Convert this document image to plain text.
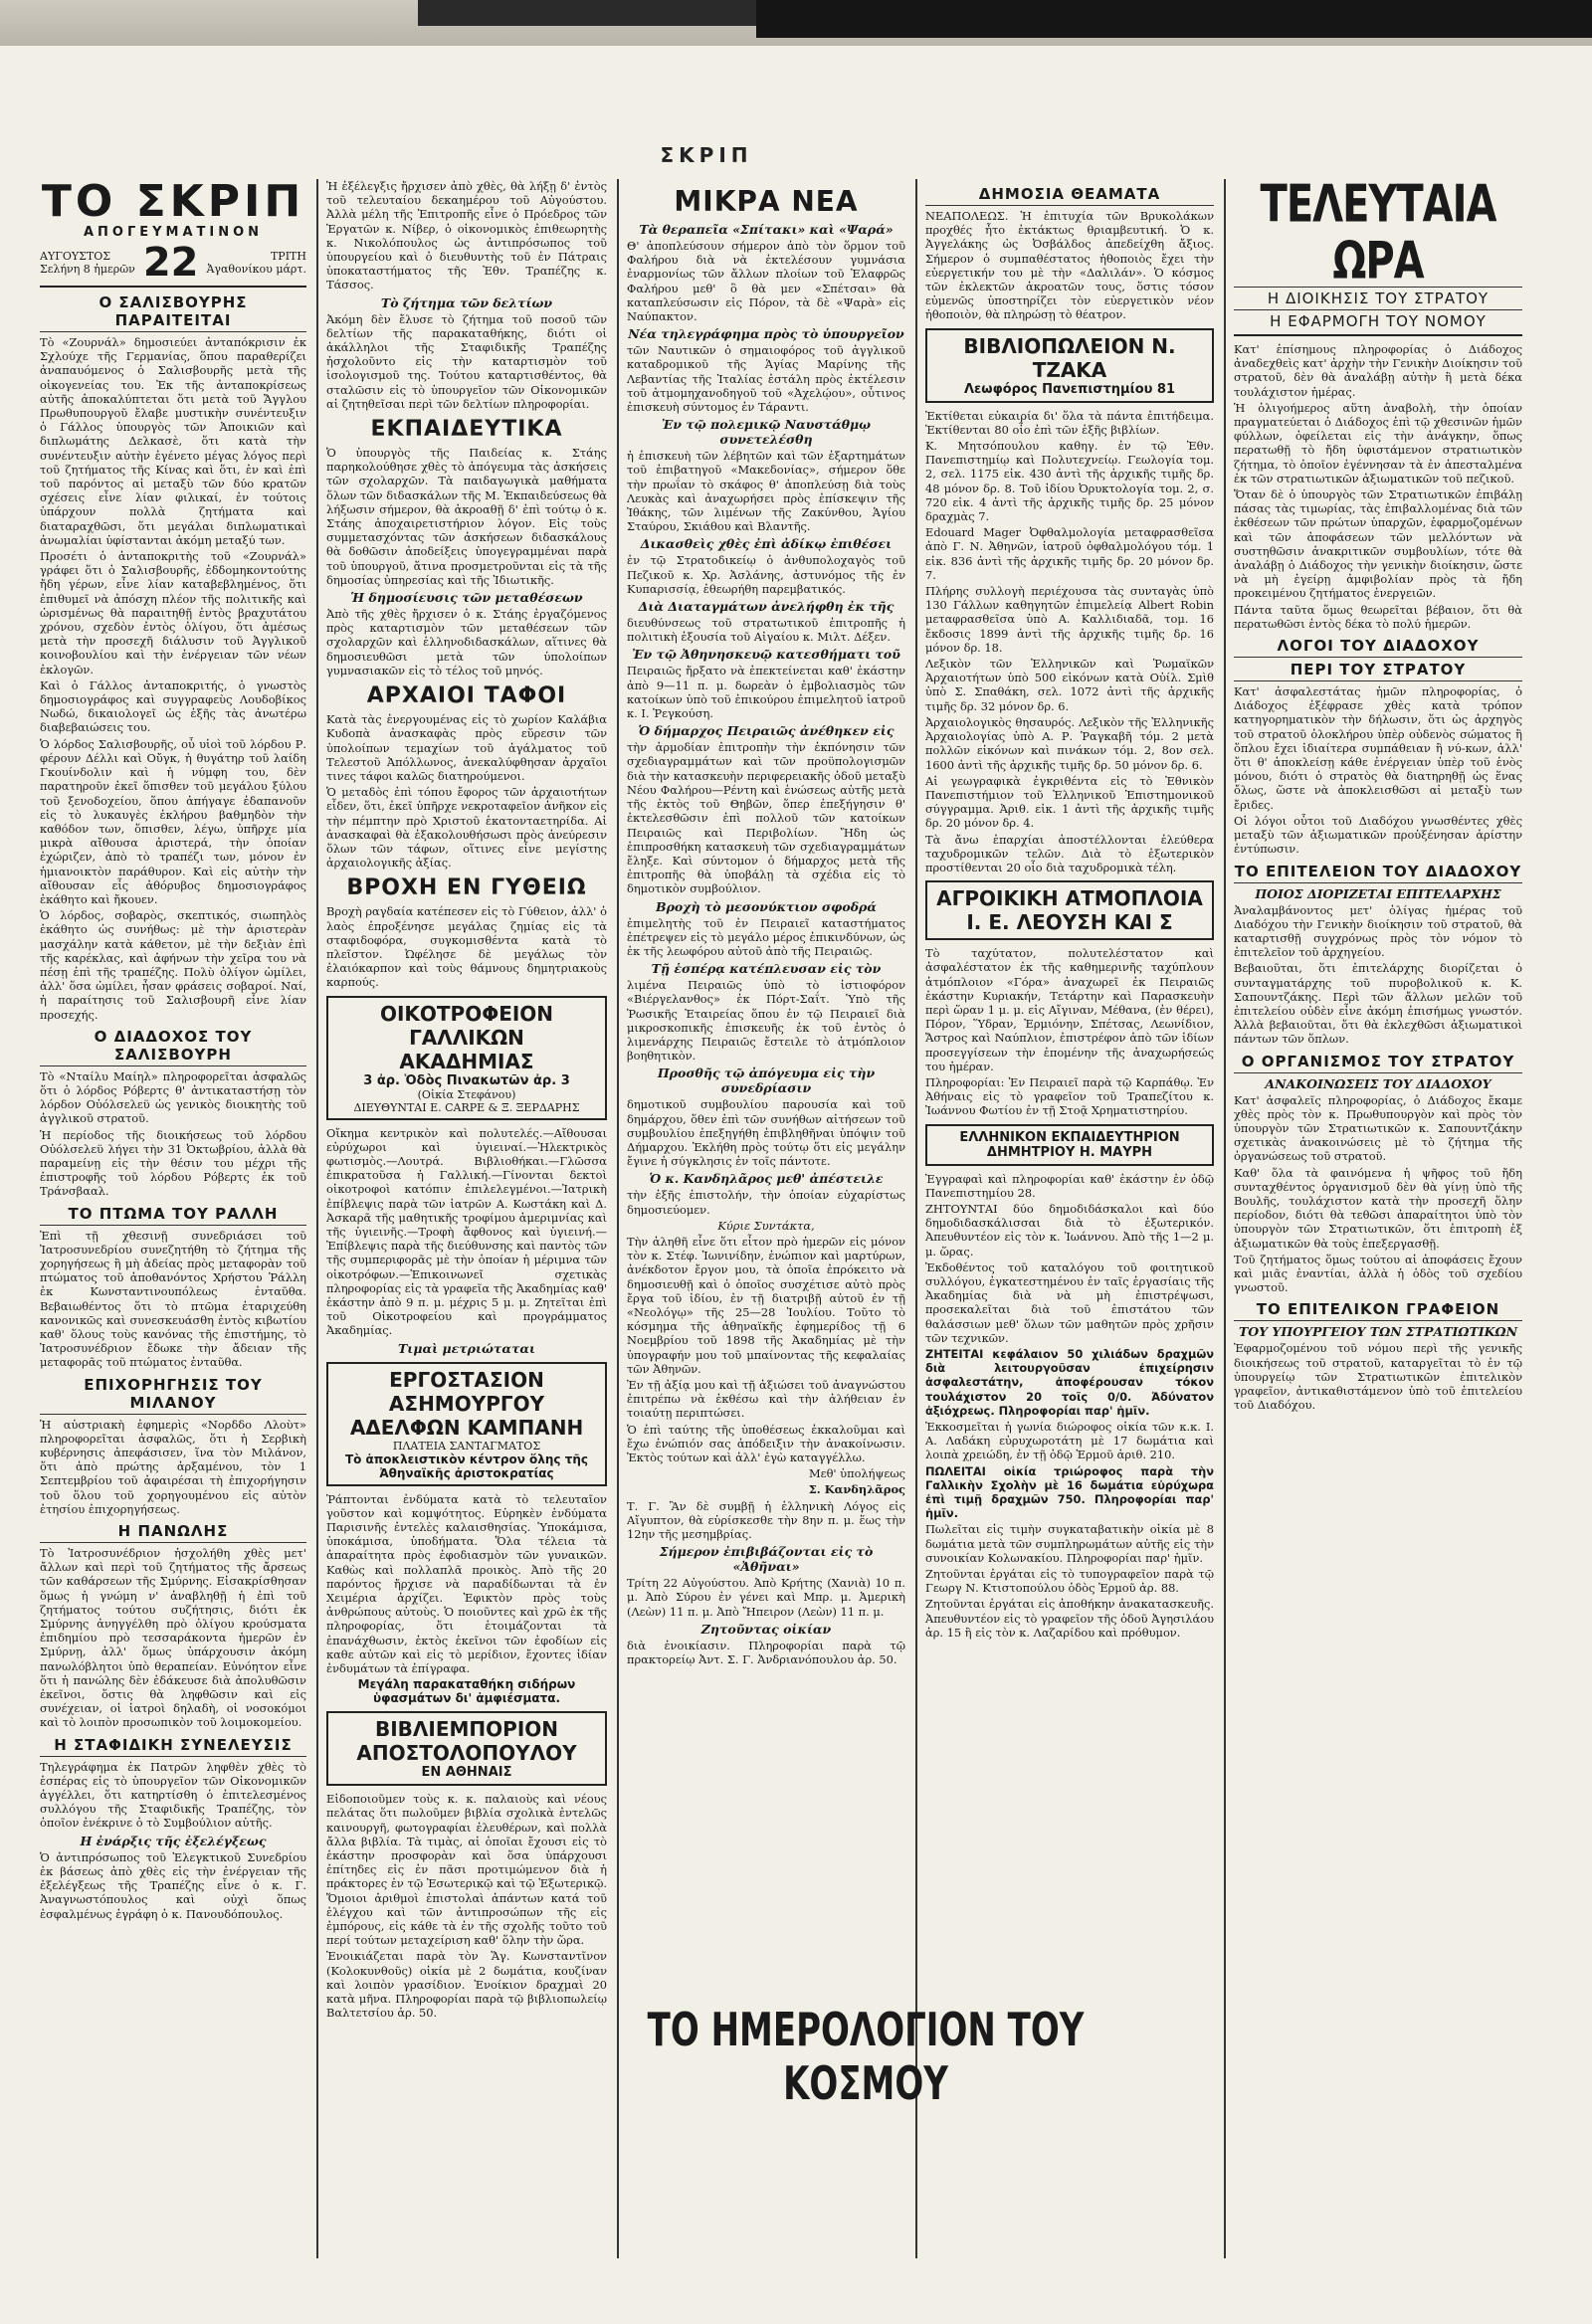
ΣΚΡΙΠ
ΤΟ ΣΚΡΙΠ
ΑΠΟΓΕΥΜΑΤΙΝΟΝ
ΑΥΓΟΥΣΤΟΣ
Σελήνη 8 ἡμερῶν 22	ΤΡΙΤΗ
Ἀγαθονίκου μάρτ.
Ο ΣΑΛΙΣΒΟΥΡΗΣ ΠΑΡΑΙΤΕΙΤΑΙ

Τὸ «Ζουρνάλ» δημοσιεύει ἀνταπόκρισιν ἐκ Σχλούχε τῆς Γερμανίας, ὅπου παραθερίζει ἀναπαυόμενος ὁ Σαλισβουρῆς μετὰ τῆς οἰκογενείας του. Ἐκ τῆς ἀνταποκρίσεως αὐτῆς ἀποκαλύπτεται ὅτι μετὰ τοῦ Ἄγγλου Πρωθυπουργοῦ ἔλαβε μυστικὴν συνέντευξιν ὁ Γάλλος ὑπουργὸς τῶν Ἀποικιῶν καὶ διπλωμάτης Δελκασὲ, ὅτι κατὰ τὴν συνέντευξιν αὐτὴν ἐγένετο μέγας λόγος περὶ τοῦ ζητήματος τῆς Κίνας καὶ ὅτι, ἐν καὶ ἐπὶ τοῦ παρόντος αἱ μεταξὺ τῶν δύο κρατῶν σχέσεις εἶνε λίαν φιλικαί, ἐν τούτοις ὑπάρχουν πολλὰ ζητήματα καὶ διαταραχθῶσι, ὅτι μεγάλαι διπλωματικαὶ ἀνωμαλίαι ὑφίστανται ἀκόμη μεταξύ των.

Προσέτι ὁ ἀνταποκριτὴς τοῦ «Ζουρνάλ» γράφει ὅτι ὁ Σαλισβουρῆς, ἐδδομηκοντούτης ἤδη γέρων, εἶνε λίαν καταβεβλημένος, ὅτι ἐπιθυμεῖ νὰ ἀπόσχη πλέον τῆς πολιτικῆς καὶ ὡρισμένως θὰ παραιτηθῇ ἐντὸς βραχυτάτου χρόνου, σχεδὸν ἐντὸς ὀλίγου, ὅτι ἀμέσως μετὰ τὴν προσεχῆ διάλυσιν τοῦ Ἀγγλικοῦ κοινοβουλίου καὶ τὴν ἐνέργειαν τῶν νέων ἐκλογῶν.

Καὶ ὁ Γάλλος ἀνταποκριτής, ὁ γνωστὸς δημοσιογράφος καὶ συγγραφεὺς Λουδοβίκος Νωδώ, δικαιολογεῖ ὡς ἑξῆς τὰς ἀνωτέρω διαβεβαιώσεις του.

Ὁ λόρδος Σαλισβουρῆς, οὗ υἱοὶ τοῦ λόρδου Ρ. φέρουν Δέλλι καὶ Οὔγκ, ἡ θυγάτηρ τοῦ λαίδη Γκουίνδολιν καὶ ἡ νύμφη του, δὲν παρατηροῦν ἐκεῖ ὅπισθεν τοῦ μεγάλου ξύλου τοῦ ξενοδοχείου, ὅπου ἀπήγαγε ἐδαπανοῦν εἰς τὸ λυκαυγὲς ἐκλήρου βαθμηδὸν τὴν καθόδον των, ὅπισθεν, λέγω, ὑπῆρχε μία μικρὰ αἴθουσα ἀριστερά, τὴν ὁποίαν ἐχώριζεν, ἀπὸ τὸ τραπέζι των, μόνον ἐν ἡμιανοικτὸν παράθυρον. Καὶ εἰς αὐτὴν τὴν αἴθουσαν εἶς ἀθόρυβος δημοσιογράφος ἐκάθητο καὶ ἤκουεν.

Ὁ λόρδος, σοβαρὸς, σκεπτικός, σιωπηλὸς ἐκάθητο ὡς συνήθως: μὲ τὴν ἀριστερὰν μασχάλην κατὰ κάθετον, μὲ τὴν δεξιὰν ἐπὶ τῆς καρέκλας, καὶ ἀφήνων τὴν χεῖρα του νὰ πέσῃ ἐπὶ τῆς τραπέζης. Πολὺ ὀλίγον ὡμίλει, ἀλλ' ὅσα ὡμίλει, ἦσαν φράσεις σοβαροί. Ναί, ἡ παραίτησις τοῦ Σαλισβουρῆ εἶνε λίαν προσεχής.

Ο ΔΙΑΔΟΧΟΣ ΤΟΥ ΣΑΛΙΣΒΟΥΡΗ

Τὸ «Νταίλυ Μαίηλ» πληροφορεῖται ἀσφαλῶς ὅτι ὁ λόρδος Ρόβερτς θ' ἀντικαταστήσῃ τὸν λόρδον Οὐόλσελεϋ ὡς γενικὸς διοικητὴς τοῦ ἀγγλικοῦ στρατοῦ.

Ἡ περίοδος τῆς διοικήσεως τοῦ λόρδου Οὐόλσελεϋ λήγει τὴν 31 Ὀκτωβρίου, ἀλλὰ θὰ παραμείνῃ εἰς τὴν θέσιν του μέχρι τῆς ἐπιστροφῆς τοῦ λόρδου Ρόβερτς ἐκ τοῦ Τράνσβααλ.

ΤΟ ΠΤΩΜΑ ΤΟΥ ΡΑΛΛΗ

Ἐπὶ τῇ χθεσινῇ συνεδριάσει τοῦ Ἰατροσυνεδρίου συνεζητήθη τὸ ζήτημα τῆς χορηγήσεως ἢ μὴ ἀδείας πρὸς μεταφορὰν τοῦ πτώματος τοῦ ἀποθανόντος Χρήστου Ῥάλλη ἐκ Κωνσταντινουπόλεως ἐνταῦθα. Βεβαιωθέντος ὅτι τὸ πτῶμα ἐταριχεύθη κανονικῶς καὶ συνεσκευάσθη ἐντὸς κιβωτίου καθ' ὅλους τοὺς κανόνας τῆς ἐπιστήμης, τὸ Ἰατροσυνέδριον ἔδωκε τὴν ἄδειαν τῆς μεταφορᾶς τοῦ πτώματος ἐνταῦθα.

ΕΠΙΧΟΡΗΓΗΣΙΣ ΤΟΥ ΜΙΛΑΝΟΥ

Ἡ αὐστριακὴ ἐφημερὶς «Νορδδο Λλοὺτ» πληροφορεῖται ἀσφαλῶς, ὅτι ἡ Σερβικὴ κυβέρνησις ἀπεφάσισεν, ἵνα τὸν Μιλάνον, ὅτι ἀπὸ πρώτης ἀρξαμένου, τὸν 1 Σεπτεμβρίου τοῦ ἀφαιρέσαι τὴ ἐπιχορήγησιν τοῦ ὅλου τοῦ χορηγουμένου εἰς αὐτὸν ἐτησίου ἐπιχορηγήσεως.

Η ΠΑΝΩΛΗΣ

Τὸ Ἰατροσυνέδριον ἠσχολήθη χθὲς μετ' ἄλλων καὶ περὶ τοῦ ζητήματος τῆς ἄρσεως τῶν καθάρσεων τῆς Σμύρνης. Εἰσακρίσθησαν ὅμως ἡ γνώμη ν' ἀναβληθῇ ἡ ἐπὶ τοῦ ζητήματος τούτου συζήτησις, διότι ἐκ Σμύρνης ἀνηγγέλθη πρὸ ὀλίγου κρούσματα ἐπιδημίου πρὸ τεσσαράκοντα ἡμερῶν ἐν Σμύρνῃ, ἀλλ' ὅμως ὑπάρχουσιν ἀκόμη πανωλόβλητοι ὑπὸ θεραπείαν. Εὐνόητον εἶνε ὅτι ἡ πανώλης δὲν ἐδάκευσε διὰ ἀπολυθῶσιν ἐκεῖνοι, ὅστις θὰ ληφθῶσιν καὶ εἰς συνέχειαν, οἱ ἰατροὶ δηλαδὴ, οἱ νοσοκόμοι καὶ τὸ λοιπὸν προσωπικὸν τοῦ λοιμοκομείου.

Η ΣΤΑΦΙΔΙΚΗ ΣΥΝΕΛΕΥΣΙΣ

Τηλεγράφημα ἐκ Πατρῶν ληφθὲν χθὲς τὸ ἑσπέρας εἰς τὸ ὑπουργεῖον τῶν Οἰκονομικῶν ἀγγέλλει, ὅτι κατηρτίσθη ὁ ἐπιτελεσμένος συλλόγου τῆς Σταφιδικῆς Τραπέζης, τὸν ὁποῖον ἐνέκρινε ὁ τὸ Συμβούλιον αὐτῆς.

Η ἐνάρξις τῆς ἐξελέγξεως

Ὁ ἀντιπρόσωπος τοῦ Ἐλεγκτικοῦ Συνεδρίου ἐκ βάσεως ἀπὸ χθὲς εἰς τὴν ἐνέργειαν τῆς ἐξελέγξεως τῆς Τραπέζης εἶνε ὁ κ. Γ. Ἀναγνωστόπουλος καὶ οὐχὶ ὅπως ἐσφαλμένως ἐγράφη ὁ κ. Πανουδόπουλος.

Ἡ ἐξέλεγξις ἤρχισεν ἀπὸ χθὲς, θὰ λήξῃ δ' ἐντὸς τοῦ τελευταίου δεκαημέρου τοῦ Αὐγούστου. Ἀλλὰ μέλη τῆς Ἐπιτροπῆς εἶνε ὁ Πρόεδρος τῶν Ἐργατῶν κ. Νίβερ, ὁ οἰκονομικὸς ἐπιθεωρητὴς κ. Νικολόπουλος ὡς ἀντιπρόσωπος τοῦ ὑπουργείου καὶ ὁ διευθυντὴς τοῦ ἐν Πάτραις ὑποκαταστήματος τῆς Ἐθν. Τραπέζης κ. Τάσσος.

Τὸ ζήτημα τῶν δελτίων

Ἀκόμη δὲν ἔλυσε τὸ ζήτημα τοῦ ποσοῦ τῶν δελτίων τῆς παρακαταθήκης, διότι οἱ ἀκάλληλοι τῆς Σταφιδικῆς Τραπέζης ἠσχολοῦντο εἰς τὴν καταρτισμὸν τοῦ ἰσολογισμοῦ της. Τούτου καταρτισθέντος, θὰ σταλῶσιν εἰς τὸ ὑπουργεῖον τῶν Οἰκονομικῶν αἱ ζητηθεῖσαι περὶ τῶν δελτίων πληροφορίαι.

ΕΚΠΑΙΔΕΥΤΙΚΑ

Ὁ ὑπουργὸς τῆς Παιδείας κ. Στάης παρηκολούθησε χθὲς τὸ ἀπόγευμα τὰς ἀσκήσεις τῶν σχολαρχῶν. Τὰ παιδαγωγικὰ μαθήματα ὅλων τῶν διδασκάλων τῆς Μ. Ἐκπαιδεύσεως θὰ λήξωσιν σήμερον, θὰ ἀκροαθῇ δ' ἐπὶ τούτῳ ὁ κ. Στάης ἀποχαιρετιστήριον λόγον. Εἰς τοὺς συμμετασχόντας τῶν ἀσκήσεων διδασκάλους θὰ δοθῶσιν ἀποδείξεις ὑπογεγραμμέναι παρὰ τοῦ ὑπουργοῦ, ἅτινα προσμετροῦνται εἰς τὰ τῆς δημοσίας ὑπηρεσίας καὶ τῆς Ἰδιωτικῆς.

Ἡ δημοσίευσις τῶν μεταθέσεων

Ἀπὸ τῆς χθὲς ἤρχισεν ὁ κ. Στάης ἐργαζόμενος πρὸς καταρτισμὸν τῶν μεταθέσεων τῶν σχολαρχῶν καὶ ἑλληνοδιδασκάλων, αἵτινες θὰ δημοσιευθῶσι μετὰ τῶν ὑπολοίπων γυμνασιακῶν εἰς τὸ τέλος τοῦ μηνός.

ΑΡΧΑΙΟΙ ΤΑΦΟΙ

Κατὰ τὰς ἐνεργουμένας εἰς τὸ χωρίον Καλάβια Κυδοπὰ ἀνασκαφὰς πρὸς εὕρεσιν τῶν ὑπολοίπων τεμαχίων τοῦ ἀγάλματος τοῦ Τελεστοῦ Ἀπόλλωνος, ἀνεκαλύφθησαν ἀρχαῖοι τινες τάφοι καλῶς διατηρούμενοι.

Ὁ μεταδὸς ἐπὶ τόπου ἔφορος τῶν ἀρχαιοτήτων εἶδεν, ὅτι, ἐκεῖ ὑπῆρχε νεκροταφεῖον ἀνῆκον εἰς τὴν πέμπτην πρὸ Χριστοῦ ἑκατονταετηρίδα. Αἱ ἀνασκαφαὶ θὰ ἐξακολουθήσωσι πρὸς ἀνεύρεσιν ὅλων τῶν τάφων, οἵτινες εἶνε μεγίστης ἀρχαιολογικῆς ἀξίας.

ΒΡΟΧΗ ΕΝ ΓΥΘΕΙΩ

Βροχὴ ραγδαία κατέπεσεν εἰς τὸ Γύθειον, ἀλλ' ὁ λαὸς ἐπροξένησε μεγάλας ζημίας εἰς τὰ σταφιδοφόρα, συγκομισθέντα κατὰ τὸ πλεῖστον. Ὠφέλησε δὲ μεγάλως τὸν ἐλαιόκαρπον καὶ τοὺς θάμνους δημητριακοὺς καρπούς.

ΟΙΚΟΤΡΟΦΕΙΟΝ ΓΑΛΛΙΚΩΝ
ΑΚΑΔΗΜΙΑΣ
3 ἀρ. Ὁδὸς Πινακωτῶν ἀρ. 3
(Οἰκία Στεφάνου)
ΔΙΕΥΘΥΝΤΑΙ Ε. CARPE & Ξ. ΞΕΡΔΑΡΗΣ

Οἴκημα κεντρικὸν καὶ πολυτελές.—Αἴθουσαι εὐρύχωροι καὶ ὑγιειναί.—Ἠλεκτρικὸς φωτισμὸς.—Λουτρά. Βιβλιοθήκαι.—Γλῶσσα ἐπικρατοῦσα ἡ Γαλλική.—Γίνονται δεκτοὶ οἰκοτροφοὶ κατόπιν ἐπιλελεγμένοι.—Ἰατρικὴ ἐπίβλεψις παρὰ τῶν ἰατρῶν Α. Κωστάκη καὶ Δ. Ἀσκαρᾶ τῆς μαθητικῆς τροφίμου ἀμεριμνίας καὶ τῆς ὑγιεινῆς.—Τροφὴ ἄφθονος καὶ ὑγιεινή.—Ἐπίβλεψις παρὰ τῆς διεύθυνσης καὶ παντὸς τῶν τῆς συμπεριφορᾶς μὲ τὴν ὁποίαν ἡ μέριμνα τῶν οἰκοτρόφων.—Ἐπικοινωνεῖ σχετικὰς πληροφορίας εἰς τὰ γραφεῖα τῆς Ἀκαδημίας καθ' ἑκάστην ἀπὸ 9 π. μ. μέχρις 5 μ. μ. Ζητεῖται ἐπὶ τοῦ Οἰκοτροφείου καὶ προγράμματος Ἀκαδημίας.

Τιμαὶ μετριώταται
ΕΡΓΟΣΤΑΣΙΟΝ ΑΣΗΜΟΥΡΓΟΥ
ΑΔΕΛΦΩΝ ΚΑΜΠΑΝΗ
ΠΛΑΤΕΙΑ ΣΑΝΤΑΓΜΑΤΟΣ
Τὸ ἀποκλειστικὸν κέντρον ὅλης τῆς Ἀθηναϊκῆς ἀριστοκρατίας

Ῥάπτονται ἐνδύματα κατὰ τὸ τελευταῖον γοῦστον καὶ κομψότητος. Εὑρηκὲν ἐνδύματα Παρισινῆς ἐντελὲς καλαισθησίας. Ὑποκάμισα, ὑποκάμισα, ὑποδήματα. Ὅλα τέλεια τὰ ἀπαραίτητα πρὸς ἐφοδιασμὸν τῶν γυναικῶν. Καθὼς καὶ πολλαπλᾶ προικὸς. Ἀπὸ τῆς 20 παρόντος ἤρχισε νὰ παραδίδωνται τὰ ἐν Χειμέρια ἀρχίζει. Ἐφικτὸν πρὸς τοὺς ἀνθρώπους αὐτοὺς. Ὁ ποιοῦντες καὶ χρῶ ἐκ τῆς πληροφορίας, ὅτι ἑτοιμάζονται τὰ ἐπανάχθωσιν, ἐκτὸς ἐκεῖνοι τῶν ἐφοδίων εἰς καθε αὐτῶν καὶ εἰς τὸ μερίδιον, ἔχοντες ἰδίαν ἐνδυμάτων τὰ ἐπίγραφα.

Μεγάλη παρακαταθήκη σιδήρων ὑφασμάτων δι' ἀμφιέσματα.
ΒΙΒΛΙΕΜΠΟΡΙΟΝ
ΑΠΟΣΤΟΛΟΠΟΥΛΟΥ
ΕΝ ΑΘΗΝΑΙΣ

Εἰδοποιοῦμεν τοὺς κ. κ. παλαιοὺς καὶ νέους πελάτας ὅτι πωλοῦμεν βιβλία σχολικὰ ἐντελῶς καινουργῆ, φωτογραφίαι ἐλευθέρων, καὶ πολλὰ ἄλλα βιβλία. Τὰ τιμὰς, αἱ ὁποῖαι ἔχουσι εἰς τὸ ἑκάστην προσφορὰν καὶ ὅσα ὑπάρχουσι ἐπίτηδες εἰς ἐν πᾶσι προτιμώμενον διὰ ἡ πράκτορες ἐν τῷ Ἐσωτερικῷ καὶ τῷ Ἐξωτερικῷ. Ὅμοιοι ἀριθμοὶ ἐπιστολαὶ ἀπάντων κατά τοῦ ἐλέγχου καὶ τῶν ἀντιπροσώπων τῆς εἰς ἐμπόρους, εἰς κάθε τὰ ἐν τῆς σχολῆς τοῦτο τοῦ περί τούτων μεταχείριση καθ' ὅλην τὴν ὥρα.

Ἐνοικιάζεται παρὰ τὸν Ἅγ. Κωνσταντῖνον (Κολοκυνθοῦς) οἰκία μὲ 2 δωμάτια, κουζίναν καὶ λοιπὸν γρασίδιον. Ἐνοίκιον δραχμαὶ 20 κατὰ μῆνα. Πληροφορίαι παρὰ τῷ βιβλιοπωλείῳ Βαλτετσίου ἀρ. 50.

ΜΙΚΡΑ ΝΕΑ
Τὰ θεραπεῖα «Σπίτακι» καὶ «Ψαρά»

Θ' ἀποπλεύσουν σήμερον ἀπὸ τὸν ὅρμον τοῦ Φαλήρου διὰ νὰ ἐκτελέσουν γυμνάσια ἐναρμονίως τῶν ἄλλων πλοίων τοῦ Ἐλαφρῶς Φαλήρου μεθ' ὃ θὰ μεν «Σπέτσαι» θὰ καταπλεύσωσιν εἰς Πόρον, τὰ δὲ «Ψαρὰ» εἰς Ναύπακτον.

Νέα τηλεγράφημα πρὸς τὸ ὑπουργεῖον

τῶν Ναυτικῶν ὁ σημαιοφόρος τοῦ ἀγγλικοῦ καταδρομικοῦ τῆς Ἁγίας Μαρίνης τῆς Λεβαντίας τῆς Ἰταλίας ἐστάλη πρὸς ἐκτέλεσιν τοῦ ἀτμομηχανοδηγοῦ τοῦ «Ἀχελῴου», οὗτινος ἐπισκευὴ σύντομος ἐν Τάραντι.

Ἐν τῷ πολεμικῷ Ναυστάθμῳ συνετελέσθη

ἡ ἐπισκευὴ τῶν λέβητῶν καὶ τῶν ἐξαρτημάτων τοῦ ἐπιβατηγοῦ «Μακεδονίας», σήμερον ὅθε τὴν πρωΐαν τὸ σκάφος θ' ἀποπλεύσῃ διὰ τοὺς Λευκὰς καὶ ἀναχωρήσει πρὸς ἐπίσκεψιν τῆς Ἰθάκης, τῶν λιμένων τῆς Ζακύνθου, Ἁγίου Σταύρου, Σκιάθου καὶ Βλαντῆς.

Δικασθεὶς χθὲς ἐπὶ ἀδίκῳ ἐπιθέσει

ἐν τῷ Στρατοδικείῳ ὁ ἀνθυπολοχαγὸς τοῦ Πεζικοῦ κ. Χρ. Ἀσλάνης, ἀστυνόμος τῆς ἐν Κυπαρισσίᾳ, ἐθεωρήθη παρεμβατικός.

Διὰ Διαταγμάτων ἀνελήφθη ἐκ τῆς

διευθύνσεως τοῦ στρατωτικοῦ ἐπιτροπῆς ἡ πολιτικὴ ἐξουσία τοῦ Αἰγαίου κ. Μιλτ. Δέξεν.

Ἐν τῷ Ἀθηνησκευῷ κατεσθήματι τοῦ

Πειραιῶς ἤρξατο νὰ ἐπεκτείνεται καθ' ἐκάστην ἀπὸ 9—11 π. μ. δωρεὰν ὁ ἐμβολιασμὸς τῶν κατοίκων ὑπὸ τοῦ ἐπικούρου ἐπιμελητοῦ ἰατροῦ κ. Ι. Ῥεγκούση.

Ὁ δήμαρχος Πειραιῶς ἀνέθηκεν εἰς

τὴν ἀρμοδίαν ἐπιτροπὴν τὴν ἐκπόνησιν τῶν σχεδιαγραμμάτων καὶ τῶν προϋπολογισμῶν διὰ τὴν κατασκευὴν περιφερειακῆς ὁδοῦ μεταξὺ Νέου Φαλήρου—Ρέντη καὶ ἑνώσεως αὐτῆς μετὰ τῆς ἐκτὸς τοῦ Θηβῶν, ὅπερ ἐπεξήγησιν θ' ἐκτελεσθῶσιν ἐπὶ πολλοῦ τῶν κατοίκων Πειραιῶς καὶ Περιβολίων. Ἤδη ὡς ἐπιπροσθήκη κατασκευὴ τῶν σχεδιαγραμμάτων ἔληξε. Καὶ σύντομον ὁ δήμαρχος μετὰ τῆς ἐπιτροπῆς θὰ ὑποβάλῃ τὰ σχέδια εἰς τὸ δημοτικὸν συμβούλιον.

Βροχὴ τὸ μεσονύκτιον σφοδρά

ἐπιμελητὴς τοῦ ἐν Πειραιεῖ καταστήματος ἐπέτρεψεν εἰς τὸ μεγάλο μέρος ἐπικινδύνων, ὡς ἐκ τῆς λεωφόρου αὐτοῦ ἀπὸ τῆς Πειραιῶς.

Τῇ ἑσπέρᾳ κατέπλευσαν εἰς τὸν

λιμένα Πειραιῶς ὑπὸ τὸ ἱστιοφόρον «Βιέργελανθος» ἐκ Πόρτ-Σαΐτ. Ὑπὸ τῆς Ῥωσικῆς Ἑταιρείας ὅπου ἐν τῷ Πειραιεῖ διὰ μικροσκοπικῆς ἐπισκευῆς ἐκ τοῦ ἐντὸς ὁ λιμενάρχης Πειραιῶς ἔστειλε τὸ ἀτμόπλοιον βοηθητικὸν.

Προσθῆς τῷ ἀπόγευμα εἰς τὴν συνεδρίασιν

δημοτικοῦ συμβουλίου παρουσία καὶ τοῦ δημάρχου, ὅθεν ἐπὶ τῶν συνήθων αἰτήσεων τοῦ συμβουλίου ἐπεξηγήθη ἐπιβληθῆναι ὑπόψιν τοῦ Δήμαρχου. Ἐκλήθη πρὸς τούτῳ ὅτι εἰς μεγάλην ἔγινε ἡ σύγκλησις ἐν τοῖς πάντοτε.

Ὁ κ. Κανδηλᾶρος μεθ' ἀπέστειλε

τὴν ἑξῆς ἐπιστολήν, τὴν ὁποίαν εὐχαρίστως δημοσιεύομεν.

Κύριε Συντάκτα,

Τὴν ἀληθῆ εἶνε ὅτι εἶτον πρὸ ἡμερῶν εἰς μόνον τὸν κ. Στέφ. Ἰωνινίδην, ἐνώπιον καὶ μαρτύρων, ἀνέκδοτον ἔργον μου, τὰ ὁποῖα ἐπρόκειτο νὰ δημοσιευθῇ καὶ ὁ ὁποῖος συσχέτισε αὐτὸ πρὸς ἔργα τοῦ ἰδίου, ἐν τῇ διατριβῇ αὐτοῦ ἐν τῇ «Νεολόγῳ» τῆς 25—28 Ἰουλίου. Τοῦτο τὸ κόσμημα τῆς ἀθηναϊκῆς ἐφημερίδος τῇ 6 Νοεμβρίου τοῦ 1898 τῆς Ἀκαδημίας μὲ τὴν ὑπογραφήν μου τοῦ μπαίνοντας τῆς κεφαλαίας τῶν Ἀθηνῶν.

Ἐν τῇ ἀξίᾳ μου καὶ τῇ ἀξιώσει τοῦ ἀναγνώστου ἐπιτρέπω νὰ ἐκθέσω καὶ τὴν ἀλήθειαν ἐν τοιαύτῃ περιπτώσει.

Ὁ ἐπὶ ταύτης τῆς ὑποθέσεως ἐκκαλοῦμαι καὶ ἔχω ἐνώπιόν σας ἀπόδειξιν τὴν ἀνακοίνωσιν. Ἐκτὸς τούτων καὶ ἀλλ' ἐγὼ καταγγέλλω.

Μεθ' ὑπολήψεως

Σ. Κανδηλᾶρος

Τ. Γ. Ἂν δὲ συμβῇ ἡ ἑλληνικὴ Λόγος εἰς Αἴγυπτον, θὰ εὑρίσκεσθε τὴν 8ην π. μ. ἕως τὴν 12ην τῆς μεσημβρίας.

Σήμερον ἐπιβιβάζονται εἰς τὸ «Ἀθῆναι»

Τρίτη 22 Αὐγούστου. Ἀπὸ Κρήτης (Χανιὰ) 10 π. μ. Ἀπὸ Σύρου ἐν γένει καὶ Μπρ. μ. Ἀμερικὴ (Λεὼν) 11 π. μ. Ἀπὸ Ἤπειρον (Λεὼν) 11 π. μ.

Ζητοῦντας οἰκίαν

διὰ ἐνοικίασιν. Πληροφορίαι παρὰ τῷ πρακτορείῳ Ἀντ. Σ. Γ. Ἀνδριανόπουλου ἀρ. 50.

ΔΗΜΟΣΙΑ ΘΕΑΜΑΤΑ

ΝΕΑΠΟΛΕΩΣ. Ἡ ἐπιτυχία τῶν Βρυκολάκων προχθές ἦτο ἐκτάκτως θριαμβευτική. Ὁ κ. Ἀγγελάκης ὡς Ὀσβάλδος ἀπεδείχθη ἄξιος. Σήμερον ὁ συμπαθέστατος ἠθοποιὸς ἔχει τὴν εὐεργετικήν του μὲ τὴν «Δαλιλάν». Ὁ κόσμος τῶν ἐκλεκτῶν ἀκροατῶν τους, ὅστις τόσον εὐμενῶς ὑποστηρίζει τὸν εὐεργετικὸν νέον ἠθοποιὸν, θὰ πληρώσῃ τὸ θέατρον.

ΒΙΒΛΙΟΠΩΛΕΙΟΝ Ν. ΤΖΑΚΑ
Λεωφόρος Πανεπιστημίου 81

Ἐκτίθεται εὐκαιρία δι' ὅλα τὰ πάντα ἐπιτήδειμα. Ἐκτίθενται 80 οἶο ἐπὶ τῶν ἑξῆς βιβλίων.

Κ. Μητσόπουλου καθηγ. ἐν τῷ Ἐθν. Πανεπιστημίῳ καὶ Πολυτεχνείῳ. Γεωλογία τομ. 2, σελ. 1175 εἰκ. 430 ἀντὶ τῆς ἀρχικῆς τιμῆς δρ. 48 μόνον δρ. 8. Τοῦ ἰδίου Ὀρυκτολογία τομ. 2, σ. 720 εἰκ. 4 ἀντὶ τῆς ἀρχικῆς τιμῆς δρ. 25 μόνον δραχμὰς 7.

Edouard Mager Ὀφθαλμολογία μεταφρασθεῖσα ἀπὸ Γ. Ν. Ἀθηνῶν, ἰατροῦ ὀφθαλμολόγου τόμ. 1 εἰκ. 836 ἀντὶ τῆς ἀρχικῆς τιμῆς δρ. 20 μόνον δρ. 7.

Πλήρης συλλογὴ περιέχουσα τὰς συνταγὰς ὑπὸ 130 Γάλλων καθηγητῶν ἐπιμελείᾳ Albert Robin μεταφρασθεῖσα ὑπὸ Α. Καλλιδιαδᾶ, τομ. 16 ἔκδοσις 1899 ἀντὶ τῆς ἀρχικῆς τιμῆς δρ. 16 μόνον δρ. 18.

Λεξικὸν τῶν Ἑλληνικῶν καὶ Ῥωμαϊκῶν Ἀρχαιοτήτων ὑπὸ 500 εἰκόνων κατὰ Οὐίλ. Σμὶθ ὑπὸ Σ. Σπαθάκη, σελ. 1072 ἀντὶ τῆς ἀρχικῆς τιμῆς δρ. 32 μόνον δρ. 6.

Ἀρχαιολογικὸς θησαυρός. Λεξικὸν τῆς Ἑλληνικῆς Ἀρχαιολογίας ὑπὸ Α. Ρ. Ῥαγκαβῆ τόμ. 2 μετὰ πολλῶν εἰκόνων καὶ πινάκων τόμ. 2, 8ον σελ. 1600 ἀντὶ τῆς ἀρχικῆς τιμῆς δρ. 50 μόνον δρ. 6.

Αἱ γεωγραφικὰ ἐγκριθέντα εἰς τὸ Ἐθνικὸν Πανεπιστήμιον τοῦ Ἑλληνικοῦ Ἐπιστημονικοῦ σύγγραμμα. Ἀριθ. εἰκ. 1 ἀντὶ τῆς ἀρχικῆς τιμῆς δρ. 20 μόνον δρ. 4.

Τὰ ἄνω ἐπαρχίαι ἀποστέλλονται ἐλεύθερα ταχυδρομικῶν τελῶν. Διὰ τὸ ἐξωτερικὸν προστίθενται 20 οἶο διὰ ταχυδρομικὰ τέλη.

ΑΓΡΟΙΚΙΚΗ ΑΤΜΟΠΛΟΙΑ
Ι. Ε. ΛΕΟΥΣΗ ΚΑΙ Σ

Τὸ ταχύτατον, πολυτελέστατον καὶ ἀσφαλέστατον ἐκ τῆς καθημερινῆς ταχύπλουν ἀτμόπλοιον «Γόρα» ἀναχωρεῖ ἐκ Πειραιῶς ἑκάστην Κυριακήν, Τετάρτην καὶ Παρασκευὴν περὶ ὥραν 1 μ. μ. εἰς Αἴγιναν, Μέθανα, (ἐν θέρει), Πόρον, Ὕδραν, Ἑρμιόνην, Σπέτσας, Λεωνίδιον, Ἄστρος καὶ Ναύπλιον, ἐπιστρέφον ἀπὸ τῶν ἰδίων προσεγγίσεων τὴν ἐπομένην τῆς ἀναχωρήσεώς του ἡμέραν.

Πληροφορίαι: Ἐν Πειραιεῖ παρὰ τῷ Καρπάθῳ. Ἐν Ἀθήναις εἰς τὸ γραφεῖον τοῦ Τραπεζίτου κ. Ἰωάννου Φωτίου ἐν τῇ Στοᾷ Χρηματιστηρίου.

ΕΛΛΗΝΙΚΟΝ ΕΚΠΑΙΔΕΥΤΗΡΙΟΝ
ΔΗΜΗΤΡΙΟΥ Η. ΜΑΥΡΗ

Ἐγγραφαὶ καὶ πληροφορίαι καθ' ἑκάστην ἐν ὁδῷ Πανεπιστημίου 28.

ΖΗΤΟΥΝΤΑΙ δύο δημοδιδάσκαλοι καὶ δύο δημοδιδασκάλισσαι διὰ τὸ ἐξωτερικόν. Ἀπευθυντέον εἰς τὸν κ. Ἰωάννου. Ἀπὸ τῆς 1—2 μ. μ. ὥρας.

Ἐκδοθέντος τοῦ καταλόγου τοῦ φοιτητικοῦ συλλόγου, ἐγκατεστημένου ἐν ταῖς ἐργασίαις τῆς Ἀκαδημίας διὰ νὰ μὴ ἐπιστρέψωσι, προσεκαλεῖται διὰ τοῦ ἐπιστάτου τῶν θαλάσσιων μεθ' ὅλων τῶν μαθητῶν πρὸς χρῆσιν τῶν τεχνικῶν.

ΖΗΤΕΙΤΑΙ κεφάλαιον 50 χιλιάδων δραχμῶν διὰ λειτουργοῦσαν ἐπιχείρησιν ἀσφαλεστάτην, ἀποφέρουσαν τόκον τουλάχιστον 20 τοῖς 0/0. Ἀδύνατον ἀξιόχρεως. Πληροφορίαι παρ' ἡμῖν.

Ἐκκοσμεῖται ἡ γωνία διώροφος οἰκία τῶν κ.κ. Ι. Α. Λαδάκη εὐρυχωροτάτη μὲ 17 δωμάτια καὶ λοιπὰ χρειώδη, ἐν τῇ ὁδῷ Ἑρμοῦ ἀριθ. 210.

ΠΩΛΕΙΤΑΙ οἰκία τριώροφος παρὰ τὴν Γαλλικὴν Σχολὴν μὲ 16 δωμάτια εὐρύχωρα ἐπὶ τιμῇ δραχμῶν 750. Πληροφορίαι παρ' ἡμῖν.

Πωλεῖται εἰς τιμὴν συγκαταβατικὴν οἰκία μὲ 8 δωμάτια μετὰ τῶν συμπληρωμάτων αὐτῆς εἰς τὴν συνοικίαν Κολωνακίου. Πληροφορίαι παρ' ἡμῖν.

Ζητοῦνται ἐργάται εἰς τὸ τυπογραφεῖον παρὰ τῷ Γεωργ Ν. Κτιστοπούλου ὁδὸς Ἑρμοῦ ἀρ. 88.

Ζητοῦνται ἐργάται εἰς ἀποθήκην ἀνακατασκευῆς. Ἀπευθυντέον εἰς τὸ γραφεῖον τῆς ὁδοῦ Ἀγησιλάου ἀρ. 15 ἢ εἰς τὸν κ. Λαζαρίδου καὶ πρόθυμον.

ΤΕΛΕΥΤΑΙΑ ΩΡΑ
Η ΔΙΟΙΚΗΣΙΣ ΤΟΥ ΣΤΡΑΤΟΥ
Η ΕΦΑΡΜΟΓΗ ΤΟΥ ΝΟΜΟΥ

Κατ' ἐπίσημους πληροφορίας ὁ Διάδοχος ἀναδεχθεὶς κατ' ἀρχὴν τὴν Γενικὴν Διοίκησιν τοῦ στρατοῦ, δὲν θὰ ἀναλάβῃ αὐτὴν ἢ μετὰ δέκα τουλάχιστον ἡμέρας.

Ἡ ὀλιγοήμερος αὕτη ἀναβολὴ, τὴν ὁποίαν πραγματεύεται ὁ Διάδοχος ἐπὶ τῷ χθεσινῶν ἡμῶν φύλλων, ὀφείλεται εἰς τὴν ἀνάγκην, ὅπως περατωθῇ τὸ ἤδη ὑφιστάμενον στρατιωτικὸν ζήτημα, τὸ ὁποῖον ἐγέννησαν τὰ ἐν ἀπεσταλμένα ἐκ τῶν στρατιωτικῶν ἀξιωματικῶν τοῦ πεζικοῦ.

Ὅταν δὲ ὁ ὑπουργὸς τῶν Στρατιωτικῶν ἐπιβάλῃ πάσας τὰς τιμωρίας, τὰς ἐπιβαλλομένας διὰ τῶν ἐκθέσεων τῶν πρώτων ὑπαρχῶν, ἐφαρμοζομένων καὶ τῶν ἀποφάσεων τῶν μελλόντων νὰ συστηθῶσιν ἀνακριτικῶν συμβουλίων, τότε θὰ ἀναλάβῃ ὁ Διάδοχος τὴν γενικὴν διοίκησιν, ὥστε νὰ μὴ ἐγείρῃ ἀμφιβολίαν πρὸς τὰ ἤδη προκειμένου ζητήματος ἐνεργειῶν.

Πάντα ταῦτα ὅμως θεωρεῖται βέβαιον, ὅτι θὰ περατωθῶσι ἐντὸς δέκα τὸ πολύ ἡμερῶν.

ΛΟΓΟΙ ΤΟΥ ΔΙΑΔΟΧΟΥ
ΠΕΡΙ ΤΟΥ ΣΤΡΑΤΟΥ

Κατ' ἀσφαλεστάτας ἡμῶν πληροφορίας, ὁ Διάδοχος ἐξέφρασε χθὲς κατὰ τρόπον κατηγορηματικὸν τὴν δήλωσιν, ὅτι ὡς ἀρχηγὸς τοῦ στρατοῦ ὁλοκλήρου ὑπὲρ οὐδενὸς σώματος ἢ ὅπλου ἔχει ἰδιαίτερα συμπάθειαν ἢ νύ-κων, ἀλλ' ὅτι θ' ἀποκλείσῃ κάθε ἐνέργειαν ὑπὲρ τοῦ ἑνὸς μόνου, διότι ὁ στρατὸς θὰ διατηρηθῇ ὡς ἕνας ὄλως, ὥστε νὰ ἀποκλεισθῶσι αἱ μεταξὺ των ἔριδες.

Οἱ λόγοι οὗτοι τοῦ Διαδόχου γνωσθέντες χθὲς μεταξὺ τῶν ἀξιωματικῶν προὐξένησαν ἀρίστην ἐντύπωσιν.

ΤΟ ΕΠΙΤΕΛΕΙΟΝ ΤΟΥ ΔΙΑΔΟΧΟΥ
ΠΟΙΟΣ ΔΙΟΡΙΖΕΤΑΙ ΕΠΙΤΕΛΑΡΧΗΣ

Ἀναλαμβάνοντος μετ' ὀλίγας ἡμέρας τοῦ Διαδόχου τὴν Γενικὴν διοίκησιν τοῦ στρατοῦ, θὰ καταρτισθῇ συγχρόνως πρὸς τὸν νόμον τὸ ἐπιτελεῖον τοῦ ἀρχηγείου.

Βεβαιοῦται, ὅτι ἐπιτελάρχης διορίζεται ὁ συνταγματάρχης τοῦ πυροβολικοῦ κ. Κ. Σαπουντζάκης. Περὶ τῶν ἄλλων μελῶν τοῦ ἐπιτελείου οὐδὲν εἶνε ἀκόμη ἐπισήμως γνωστόν. Ἀλλὰ βεβαιοῦται, ὅτι θὰ ἐκλεχθῶσι ἀξιωματικοὶ πάντων τῶν ὅπλων.

Ο ΟΡΓΑΝΙΣΜΟΣ ΤΟΥ ΣΤΡΑΤΟΥ
ΑΝΑΚΟΙΝΩΣΕΙΣ ΤΟΥ ΔΙΑΔΟΧΟΥ

Κατ' ἀσφαλεῖς πληροφορίας, ὁ Διάδοχος ἔκαμε χθὲς πρὸς τὸν κ. Πρωθυπουργὸν καὶ πρὸς τὸν ὑπουργὸν τῶν Στρατιωτικῶν κ. Σαπουντζάκην σχετικὰς ἀνακοινώσεις μὲ τὸ ζήτημα τῆς ὀργανώσεως τοῦ στρατοῦ.

Καθ' ὅλα τὰ φαινόμενα ἡ ψῆφος τοῦ ἤδη συνταχθέντος ὀργανισμοῦ δὲν θὰ γίνῃ ὑπὸ τῆς Βουλῆς, τουλάχιστον κατὰ τὴν προσεχῆ ὅλην περίοδον, διότι θὰ τεθῶσι ἀπαραίτητοι ὑπὸ τὸν ὑπουργὸν τῶν Στρατιωτικῶν, ὅτι ἐπιτροπὴ ἐξ ἀξιωματικῶν θὰ τοὺς ἐπεξεργασθῇ.

Τοῦ ζητήματος ὅμως τούτου αἱ ἀποφάσεις ἔχουν καὶ μιᾶς ἐναντίαι, ἀλλὰ ἡ ὁδὸς τοῦ σχεδίου γνωστοῦ.

ΤΟ ΕΠΙΤΕΛΙΚΟΝ ΓΡΑΦΕΙΟΝ
ΤΟΥ ΥΠΟΥΡΓΕΙΟΥ ΤΩΝ ΣΤΡΑΤΙΩΤΙΚΩΝ

Ἐφαρμοζομένου τοῦ νόμου περὶ τῆς γενικῆς διοικήσεως τοῦ στρατοῦ, καταργεῖται τὸ ἐν τῷ ὑπουργείῳ τῶν Στρατιωτικῶν ἐπιτελικὸν γραφεῖον, ἀντικαθιστάμενον ὑπὸ τοῦ ἐπιτελείου τοῦ Διαδόχου.

ΤΟ ΗΜΕΡΟΛΟΓΙΟΝ ΤΟΥ ΚΟΣΜΟΥ
